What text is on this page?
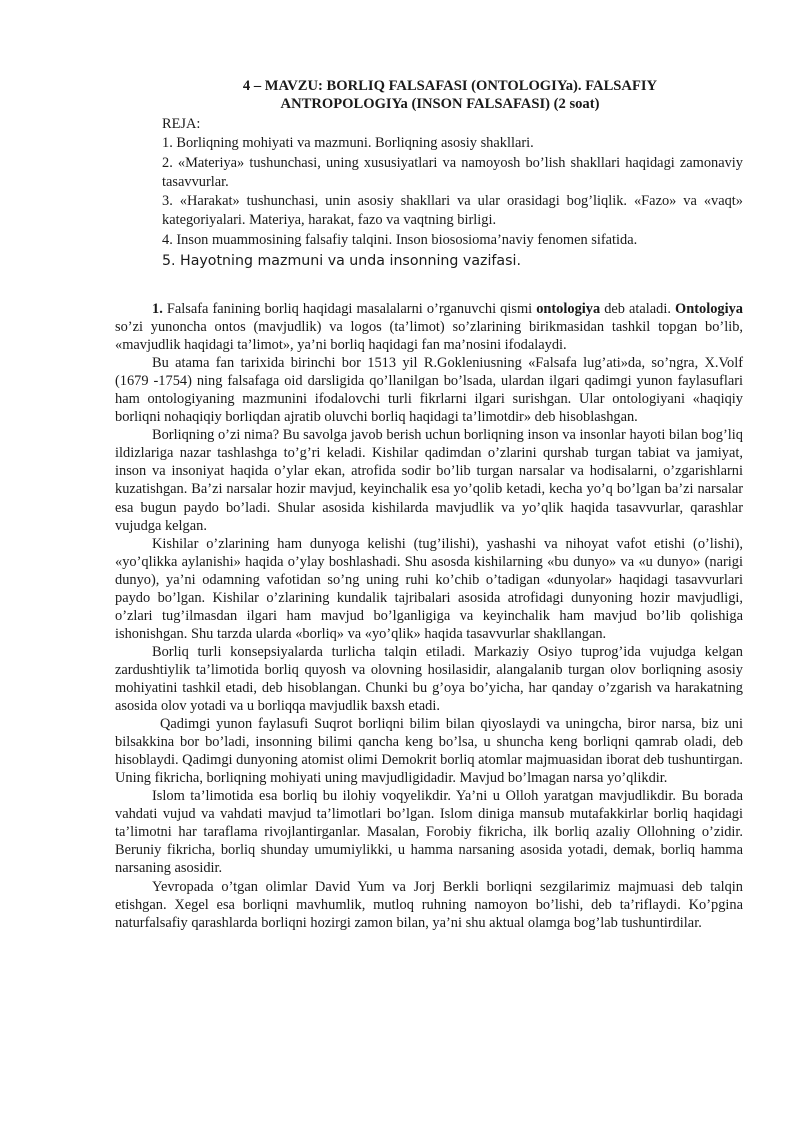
4 – MAVZU: BORLIQ FALSAFASI (ONTOLOGIYa). FALSAFIY
ANTROPOLOGIYa (INSON FALSAFASI) (2 soat)
REJA:
1. Borliqning mohiyati va mazmuni. Borliqning asosiy shakllari.
2. «Materiya» tushunchasi, uning xususiyatlari va namoyosh bo’lish shakllari haqidagi zamonaviy tasavvurlar.
3. «Harakat» tushunchasi, unin asosiy shakllari va ular orasidagi bog’liqlik. «Fazo» va «vaqt» kategoriyalari. Materiya, harakat, fazo va vaqtning birligi.
4. Inson muammosining falsafiy talqini. Inson biososioma’naviy fenomen sifatida.
5. Hayotning mazmuni va unda insonning vazifasi.

1. Falsafa fanining borliq haqidagi masalalarni o’rganuvchi qismi ontologiya deb ataladi. Ontologiya so’zi yunoncha ontos (mavjudlik) va logos (ta’limot) so’zlarining birikmasidan tashkil topgan bo’lib, «mavjudlik haqidagi ta’limot», ya’ni borliq haqidagi fan ma’nosini ifodalaydi.

Bu atama fan tarixida birinchi bor 1513 yil R.Gokleniusning «Falsafa lug’ati»da, so’ngra, X.Volf (1679 -1754) ning falsafaga oid darsligida qo’llanilgan bo’lsada, ulardan ilgari qadimgi yunon faylasuflari ham ontologiyaning mazmunini ifodalovchi turli fikrlarni ilgari surishgan. Ular ontologiyani «haqiqiy borliqni nohaqiqiy borliqdan ajratib oluvchi borliq haqidagi ta’limotdir» deb hisoblashgan.

Borliqning o’zi nima? Bu savolga javob berish uchun borliqning inson va insonlar hayoti bilan bog’liq ildizlariga nazar tashlashga to’g’ri keladi. Kishilar qadimdan o’zlarini qurshab turgan tabiat va jamiyat, inson va insoniyat haqida o’ylar ekan, atrofida sodir bo’lib turgan narsalar va hodisalarni, o’zgarishlarni kuzatishgan. Ba’zi narsalar hozir mavjud, keyinchalik esa yo’qolib ketadi, kecha yo’q bo’lgan ba’zi narsalar esa bugun paydo bo’ladi. Shular asosida kishilarda mavjudlik va yo’qlik haqida tasavvurlar, qarashlar vujudga kelgan.

Kishilar o’zlarining ham dunyoga kelishi (tug’ilishi), yashashi va nihoyat vafot etishi (o’lishi), «yo’qlikka aylanishi» haqida o’ylay boshlashadi. Shu asosda kishilarning «bu dunyo» va «u dunyo» (narigi dunyo), ya’ni odamning vafotidan so’ng uning ruhi ko’chib o’tadigan «dunyolar» haqidagi tasavvurlari paydo bo’lgan. Kishilar o’zlarining kundalik tajribalari asosida atrofidagi dunyoning hozir mavjudligi, o’zlari tug’ilmasdan ilgari ham mavjud bo’lganligiga va keyinchalik ham mavjud bo’lib qolishiga ishonishgan. Shu tarzda ularda «borliq» va «yo’qlik» haqida tasavvurlar shakllangan.

Borliq turli konsepsiyalarda turlicha talqin etiladi. Markaziy Osiyo tuprog’ida vujudga kelgan zardushtiylik ta’limotida borliq quyosh va olovning hosilasidir, alangalanib turgan olov borliqning asosiy mohiyatini tashkil etadi, deb hisoblangan. Chunki bu g’oya bo’yicha, har qanday o’zgarish va harakatning asosida olov yotadi va u borliqqa mavjudlik baxsh etadi.

Qadimgi yunon faylasufi Suqrot borliqni bilim bilan qiyoslaydi va uningcha, biror narsa, biz uni bilsakkina bor bo’ladi, insonning bilimi qancha keng bo’lsa, u shuncha keng borliqni qamrab oladi, deb hisoblaydi. Qadimgi dunyoning atomist olimi Demokrit borliq atomlar majmuasidan iborat deb tushuntirgan. Uning fikricha, borliqning mohiyati uning mavjudligidadir. Mavjud bo’lmagan narsa yo’qlikdir.

Islom ta’limotida esa borliq bu ilohiy voqyelikdir. Ya’ni u Olloh yaratgan mavjudlikdir. Bu borada vahdati vujud va vahdati mavjud ta’limotlari bo’lgan. Islom diniga mansub mutafakkirlar borliq haqidagi ta’limotni har taraflama rivojlantirganlar. Masalan, Forobiy fikricha, ilk borliq azaliy Ollohning o’zidir. Beruniy fikricha, borliq shunday umumiylikki, u hamma narsaning asosida yotadi, demak, borliq hamma narsaning asosidir.

Yevropada o’tgan olimlar David Yum va Jorj Berkli borliqni sezgilarimiz majmuasi deb talqin etishgan. Xegel esa borliqni mavhumlik, mutloq ruhning namoyon bo’lishi, deb ta’riflaydi. Ko’pgina naturfalsafiy qarashlarda borliqni hozirgi zamon bilan, ya’ni shu aktual olamga bog’lab tushuntirdilar.
